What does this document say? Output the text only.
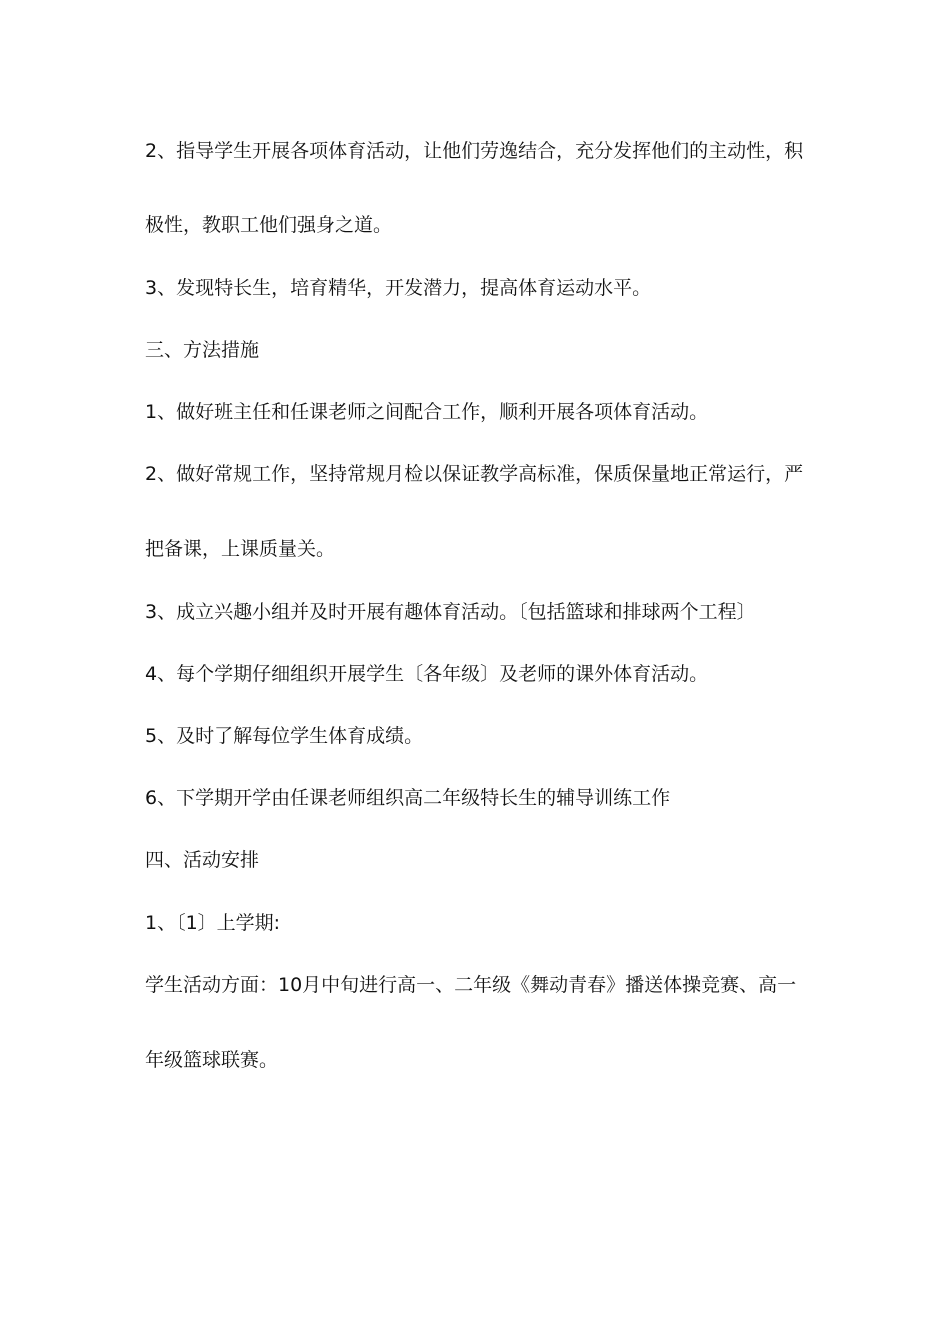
2、指导学生开展各项体育活动，让他们劳逸结合，充分发挥他们的主动性，积
极性，教职工他们强身之道。
3、发现特长生，培育精华，开发潜力，提高体育运动水平。
三、方法措施
1、做好班主任和任课老师之间配合工作，顺利开展各项体育活动。
2、做好常规工作，坚持常规月检以保证教学高标准，保质保量地正常运行，严
把备课，上课质量关。
3、成立兴趣小组并及时开展有趣体育活动。〔包括篮球和排球两个工程〕
4、每个学期仔细组织开展学生〔各年级〕及老师的课外体育活动。
5、及时了解每位学生体育成绩。
6、下学期开学由任课老师组织高二年级特长生的辅导训练工作
四、活动安排
1、〔1〕上学期:
学生活动方面：10月中旬进行高一、二年级《舞动青春》播送体操竞赛、高一
年级篮球联赛。
